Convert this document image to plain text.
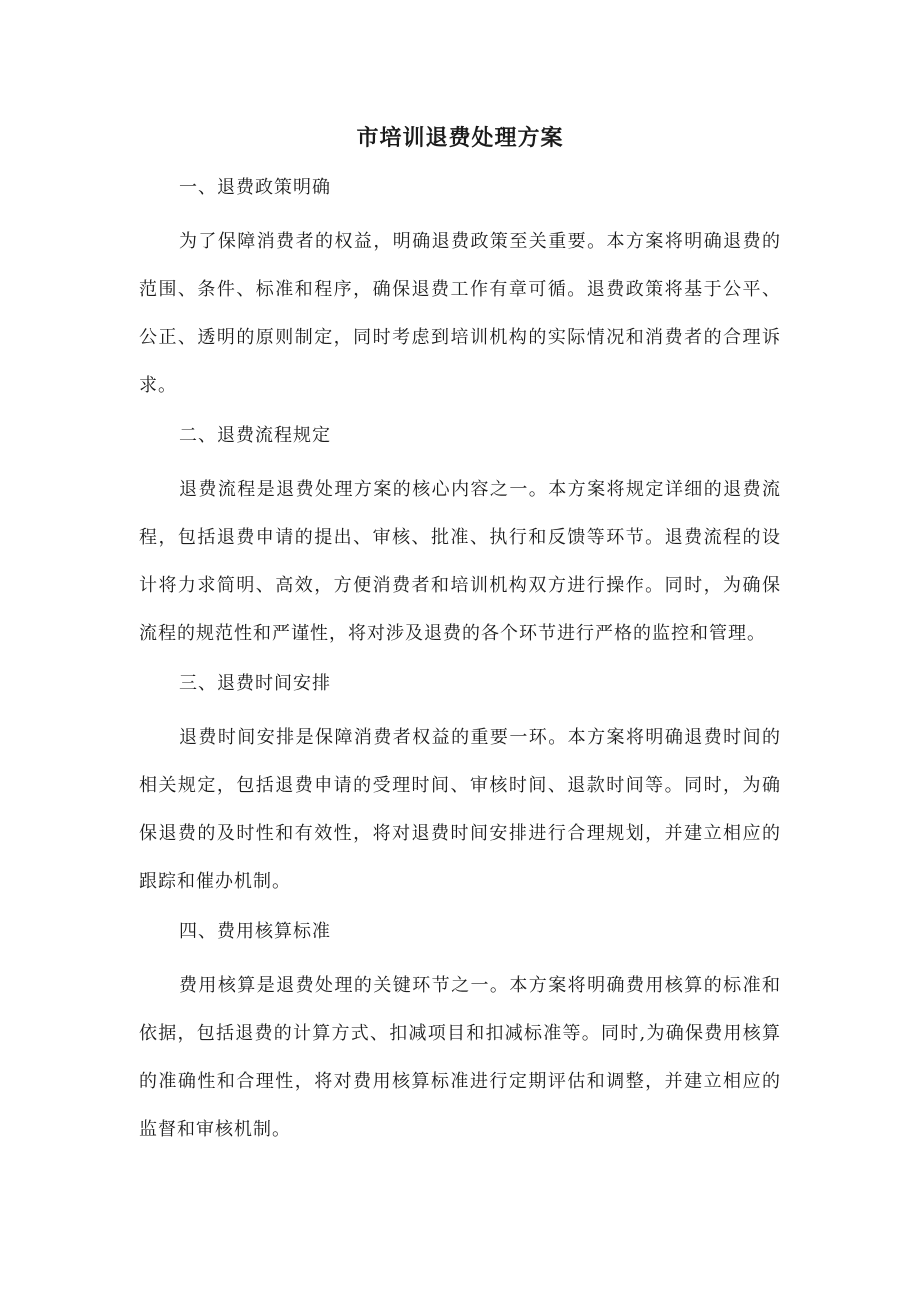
市培训退费处理方案
一、退费政策明确

为了保障消费者的权益，明确退费政策至关重要。本方案将明确退费的范围、条件、标准和程序，确保退费工作有章可循。退费政策将基于公平、公正、透明的原则制定，同时考虑到培训机构的实际情况和消费者的合理诉求。

二、退费流程规定

退费流程是退费处理方案的核心内容之一。本方案将规定详细的退费流程，包括退费申请的提出、审核、批准、执行和反馈等环节。退费流程的设计将力求简明、高效，方便消费者和培训机构双方进行操作。同时，为确保流程的规范性和严谨性，将对涉及退费的各个环节进行严格的监控和管理。

三、退费时间安排

退费时间安排是保障消费者权益的重要一环。本方案将明确退费时间的相关规定，包括退费申请的受理时间、审核时间、退款时间等。同时，为确保退费的及时性和有效性，将对退费时间安排进行合理规划，并建立相应的跟踪和催办机制。

四、费用核算标准

费用核算是退费处理的关键环节之一。本方案将明确费用核算的标准和依据，包括退费的计算方式、扣减项目和扣减标准等。同时,为确保费用核算的准确性和合理性，将对费用核算标准进行定期评估和调整，并建立相应的监督和审核机制。
